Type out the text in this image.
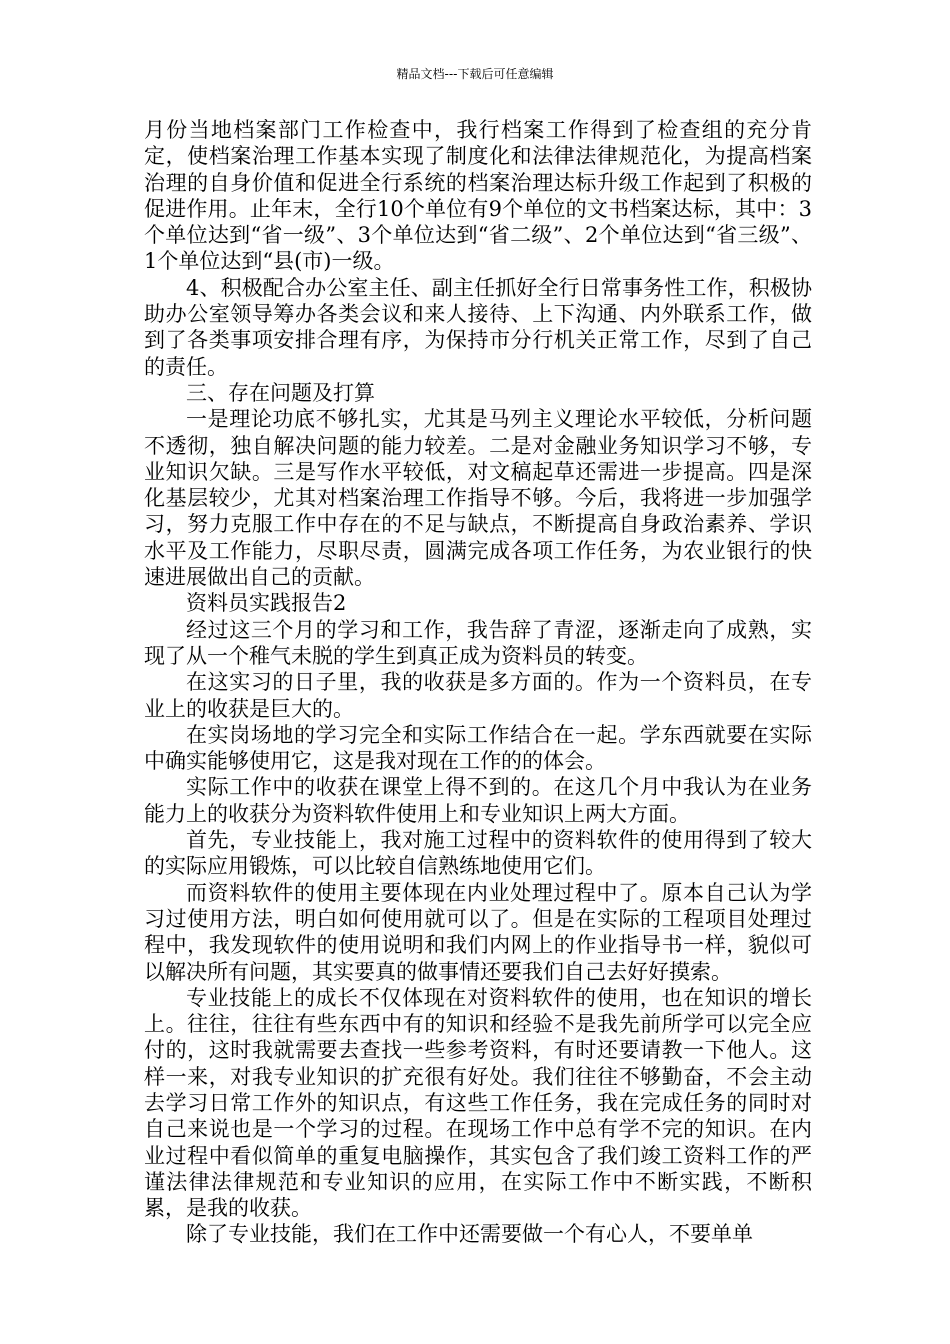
精品文档---下载后可任意编辑

月份当地档案部门工作检查中，我行档案工作得到了检查组的充分肯定，使档案治理工作基本实现了制度化和法律法律规范化，为提高档案治理的自身价值和促进全行系统的档案治理达标升级工作起到了积极的促进作用。止年末，全行10个单位有9个单位的文书档案达标，其中：3个单位达到“省一级”、3个单位达到“省二级”、2个单位达到“省三级”、1个单位达到“县(市)一级。

4、积极配合办公室主任、副主任抓好全行日常事务性工作，积极协助办公室领导筹办各类会议和来人接待、上下沟通、内外联系工作，做到了各类事项安排合理有序，为保持市分行机关正常工作，尽到了自己的责任。

三、存在问题及打算

一是理论功底不够扎实，尤其是马列主义理论水平较低，分析问题不透彻，独自解决问题的能力较差。二是对金融业务知识学习不够，专业知识欠缺。三是写作水平较低，对文稿起草还需进一步提高。四是深化基层较少，尤其对档案治理工作指导不够。今后，我将进一步加强学习，努力克服工作中存在的不足与缺点，不断提高自身政治素养、学识水平及工作能力，尽职尽责，圆满完成各项工作任务，为农业银行的快速进展做出自己的贡献。

资料员实践报告2

经过这三个月的学习和工作，我告辞了青涩，逐渐走向了成熟，实现了从一个稚气未脱的学生到真正成为资料员的转变。

在这实习的日子里，我的收获是多方面的。作为一个资料员，在专业上的收获是巨大的。

在实岗场地的学习完全和实际工作结合在一起。学东西就要在实际中确实能够使用它，这是我对现在工作的的体会。

实际工作中的收获在课堂上得不到的。在这几个月中我认为在业务能力上的收获分为资料软件使用上和专业知识上两大方面。

首先，专业技能上，我对施工过程中的资料软件的使用得到了较大的实际应用锻炼，可以比较自信熟练地使用它们。

而资料软件的使用主要体现在内业处理过程中了。原本自己认为学习过使用方法，明白如何使用就可以了。但是在实际的工程项目处理过程中，我发现软件的使用说明和我们内网上的作业指导书一样，貌似可以解决所有问题，其实要真的做事情还要我们自己去好好摸索。

专业技能上的成长不仅体现在对资料软件的使用，也在知识的增长上。往往，往往有些东西中有的知识和经验不是我先前所学可以完全应付的，这时我就需要去查找一些参考资料，有时还要请教一下他人。这样一来，对我专业知识的扩充很有好处。我们往往不够勤奋，不会主动去学习日常工作外的知识点，有这些工作任务，我在完成任务的同时对自己来说也是一个学习的过程。在现场工作中总有学不完的知识。在内业过程中看似简单的重复电脑操作，其实包含了我们竣工资料工作的严谨法律法律规范和专业知识的应用，在实际工作中不断实践，不断积累，是我的收获。

除了专业技能，我们在工作中还需要做一个有心人，不要单单
